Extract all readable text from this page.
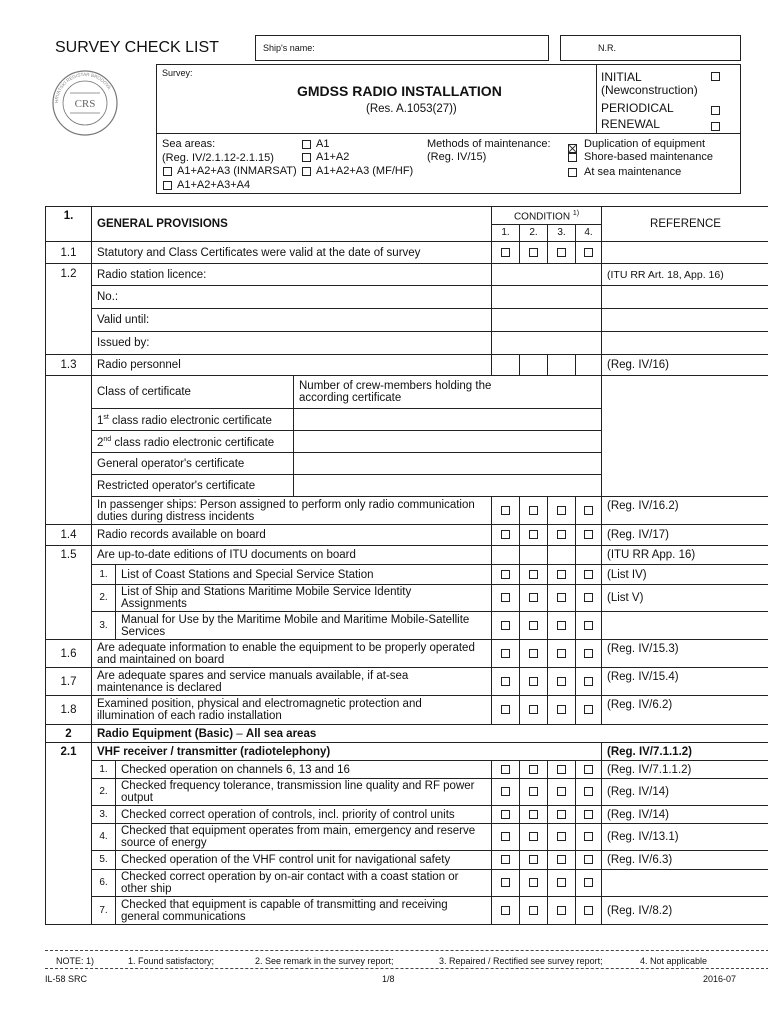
SURVEY CHECK LIST	Ship's name:	N.R.
CRS
HRVATSKI REGISTAR BRODOVA
Survey:
GMDSS RADIO INSTALLATION
(Res. A.1053(27))
INITIAL
(Newconstruction)
PERIODICAL
RENEWAL
Sea areas:
(Reg. IV/2.1.12-2.1.15)
A1
A1+A2
A1+A2+A3 (INMARSAT) A1+A2+A3 (MF/HF)
A1+A2+A3+A4
Methods of maintenance:
(Reg. IV/15)
Duplication of equipment
Shore-based maintenance
At sea maintenance
1.	GENERAL PROVISIONS			CONDITION $^{1)}$				REFERENCE
				1.	2.	3.	4.	
1.1	Statutory and Class Certificates were valid at the date of survey							
1.2	Radio station licence:							(ITU RR Art. 18, App. 16)
	No.:							
	Valid until:							
	Issued by:							
1.3	Radio personnel							(Reg. IV/16)
	Class of certificate		Number of crew-members holding the according certificate					
	1st class radio electronic certificate							
	2nd class radio electronic certificate							
	General operator's certificate							
	Restricted operator's certificate							
	In passenger ships: Person assigned to perform only radio communication duties during distress incidents							(Reg. IV/16.2)
1.4	Radio records available on board							(Reg. IV/17)
1.5	Are up-to-date editions of ITU documents on board							(ITU RR App. 16)
	1.	List of Coast Stations and Special Service Station						(List IV)
	2.	List of Ship and Stations Maritime Mobile Service Identity Assignments						(List V)
	3.	Manual for Use by the Maritime Mobile and Maritime Mobile-Satellite Services						
1.6	Are adequate information to enable the equipment to be properly operated and maintained on board							(Reg. IV/15.3)
1.7	Are adequate spares and service manuals available, if at-sea maintenance is declared							(Reg. IV/15.4)
1.8	Examined position, physical and electromagnetic protection and illumination of each radio installation							(Reg. IV/6.2)
2	Radio Equipment (Basic) – All sea areas							
2.1	VHF receiver / transmitter (radiotelephony)							(Reg. IV/7.1.1.2)
	1.	Checked operation on channels 6, 13 and 16						(Reg. IV/7.1.1.2)
	2.	Checked frequency tolerance, transmission line quality and RF power output						(Reg. IV/14)
	3.	Checked correct operation of controls, incl. priority of control units						(Reg. IV/14)
	4.	Checked that equipment operates from main, emergency and reserve source of energy						(Reg. IV/13.1)
	5.	Checked operation of the VHF control unit for navigational safety						(Reg. IV/6.3)
	6.	Checked correct operation by on-air contact with a coast station or other ship						
	7.	Checked that equipment is capable of transmitting and receiving general communications						(Reg. IV/8.2)
NOTE: 1)	1. Found satisfactory;	2. See remark in the survey report;	3. Repaired / Rectified see survey report;	4. Not applicable
IL-58 SRC	1/8	2016-07
